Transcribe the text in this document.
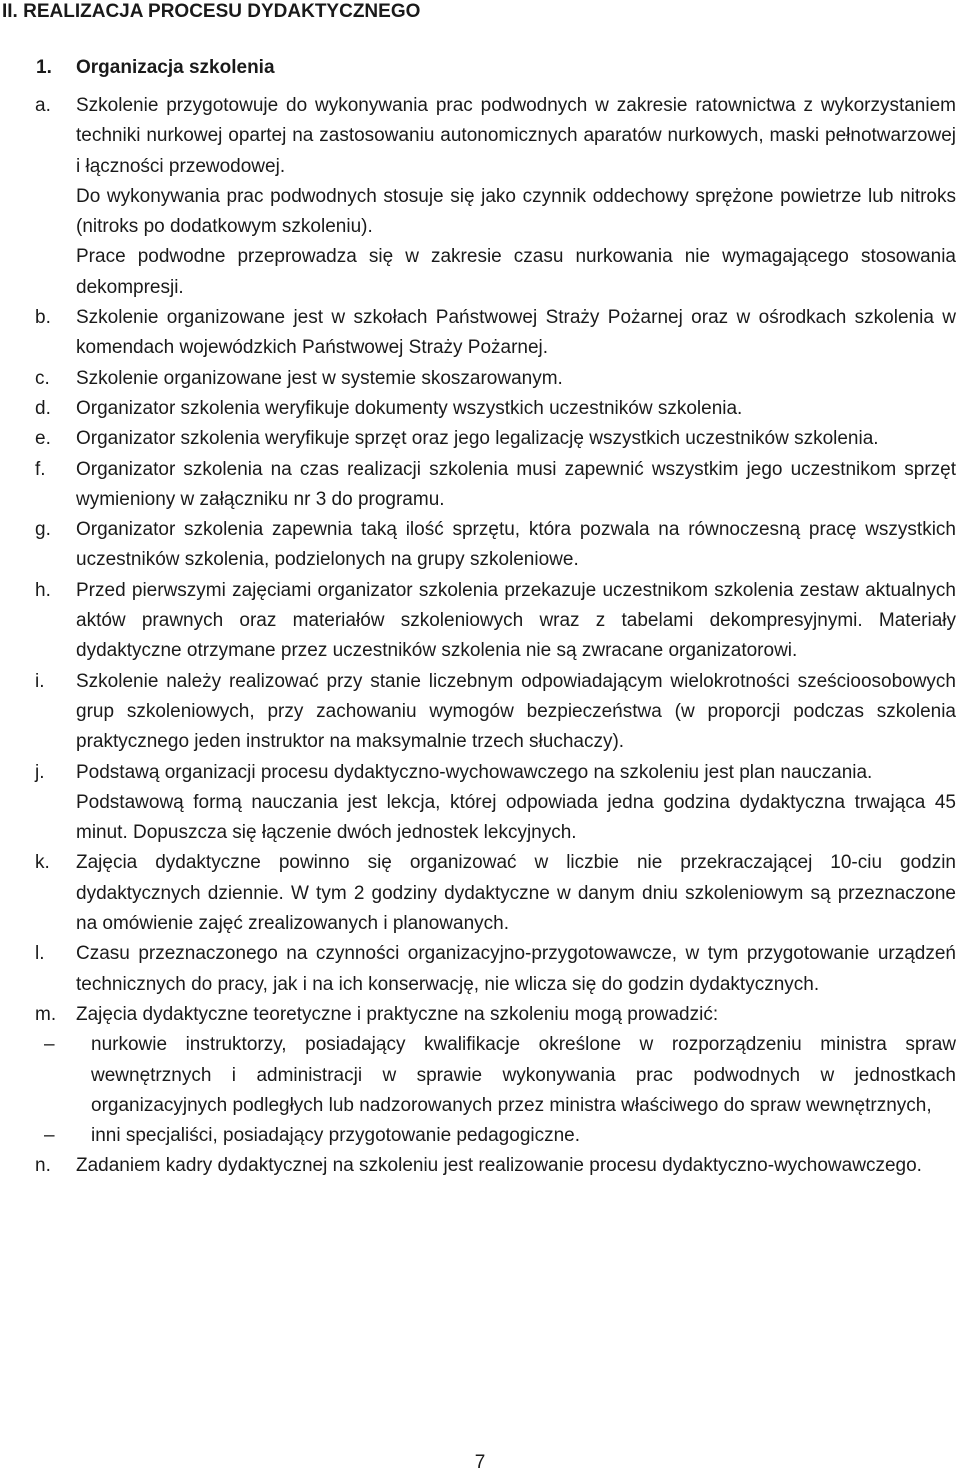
II. REALIZACJA PROCESU DYDAKTYCZNEGO
1. Organizacja szkolenia
a. Szkolenie przygotowuje do wykonywania prac podwodnych w zakresie ratownictwa z wykorzystaniem techniki nurkowej opartej na zastosowaniu autonomicznych aparatów nurkowych, maski pełnotwarzowej i łączności przewodowej.

Do wykonywania prac podwodnych stosuje się jako czynnik oddechowy sprężone powietrze lub nitroks (nitroks po dodatkowym szkoleniu).

Prace podwodne przeprowadza się w zakresie czasu nurkowania nie wymagającego stosowania dekompresji.

b. Szkolenie organizowane jest w szkołach Państwowej Straży Pożarnej oraz w ośrodkach szkolenia w komendach wojewódzkich Państwowej Straży Pożarnej.

c. Szkolenie organizowane jest w systemie skoszarowanym.

d. Organizator szkolenia weryfikuje dokumenty wszystkich uczestników szkolenia.

e. Organizator szkolenia weryfikuje sprzęt oraz jego legalizację wszystkich uczestników szkolenia.

f. Organizator szkolenia na czas realizacji szkolenia musi zapewnić wszystkim jego uczestnikom sprzęt wymieniony w załączniku nr 3 do programu.

g. Organizator szkolenia zapewnia taką ilość sprzętu, która pozwala na równoczesną pracę wszystkich uczestników szkolenia, podzielonych na grupy szkoleniowe.

h. Przed pierwszymi zajęciami organizator szkolenia przekazuje uczestnikom szkolenia zestaw aktualnych aktów prawnych oraz materiałów szkoleniowych wraz z tabelami dekompresyjnymi. Materiały dydaktyczne otrzymane przez uczestników szkolenia nie są zwracane organizatorowi.

i. Szkolenie należy realizować przy stanie liczebnym odpowiadającym wielokrotności sześcioosobowych grup szkoleniowych, przy zachowaniu wymogów bezpieczeństwa (w proporcji podczas szkolenia praktycznego jeden instruktor na maksymalnie trzech słuchaczy).

j. Podstawą organizacji procesu dydaktyczno-wychowawczego na szkoleniu jest plan nauczania.

Podstawową formą nauczania jest lekcja, której odpowiada jedna godzina dydaktyczna trwająca 45 minut. Dopuszcza się łączenie dwóch jednostek lekcyjnych.

k. Zajęcia dydaktyczne powinno się organizować w liczbie nie przekraczającej 10-ciu godzin dydaktycznych dziennie. W tym 2 godziny dydaktyczne w danym dniu szkoleniowym są przeznaczone na omówienie zajęć zrealizowanych i planowanych.

l. Czasu przeznaczonego na czynności organizacyjno-przygotowawcze, w tym przygotowanie urządzeń technicznych do pracy, jak i na ich konserwację, nie wlicza się do godzin dydaktycznych.

m. Zajęcia dydaktyczne teoretyczne i praktyczne na szkoleniu mogą prowadzić:

– nurkowie instruktorzy, posiadający kwalifikacje określone w rozporządzeniu ministra spraw wewnętrznych i administracji w sprawie wykonywania prac podwodnych w jednostkach organizacyjnych podległych lub nadzorowanych przez ministra właściwego do spraw wewnętrznych,
– inni specjaliści, posiadający przygotowanie pedagogiczne.
n. Zadaniem kadry dydaktycznej na szkoleniu jest realizowanie procesu dydaktyczno-wychowawczego.

7
